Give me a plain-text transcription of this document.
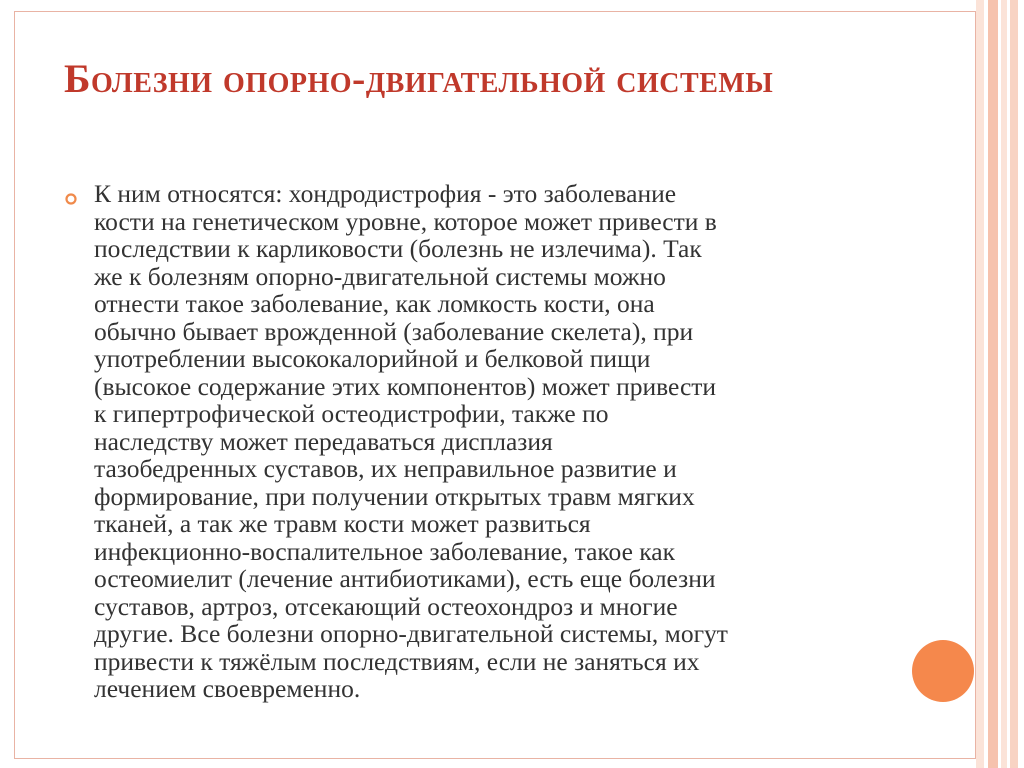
Болезни опорно-двигательной системы

К ним относятся: хондродистрофия - это заболевание
кости на генетическом уровне, которое может привести в
последствии к карликовости (болезнь не излечима). Так
же к болезням опорно-двигательной системы можно
отнести такое заболевание, как ломкость кости, она
обычно бывает врожденной (заболевание скелета), при
употреблении высококалорийной и белковой пищи
(высокое содержание этих компонентов) может привести
к гипертрофической остеодистрофии, также по
наследству может передаваться дисплазия
тазобедренных суставов, их неправильное развитие и
формирование, при получении открытых травм мягких
тканей, а так же травм кости может развиться
инфекционно-воспалительное заболевание, такое как
остеомиелит (лечение антибиотиками), есть еще болезни
суставов, артроз, отсекающий остеохондроз и многие
другие. Все болезни опорно-двигательной системы, могут
привести к тяжёлым последствиям, если не заняться их
лечением своевременно.
